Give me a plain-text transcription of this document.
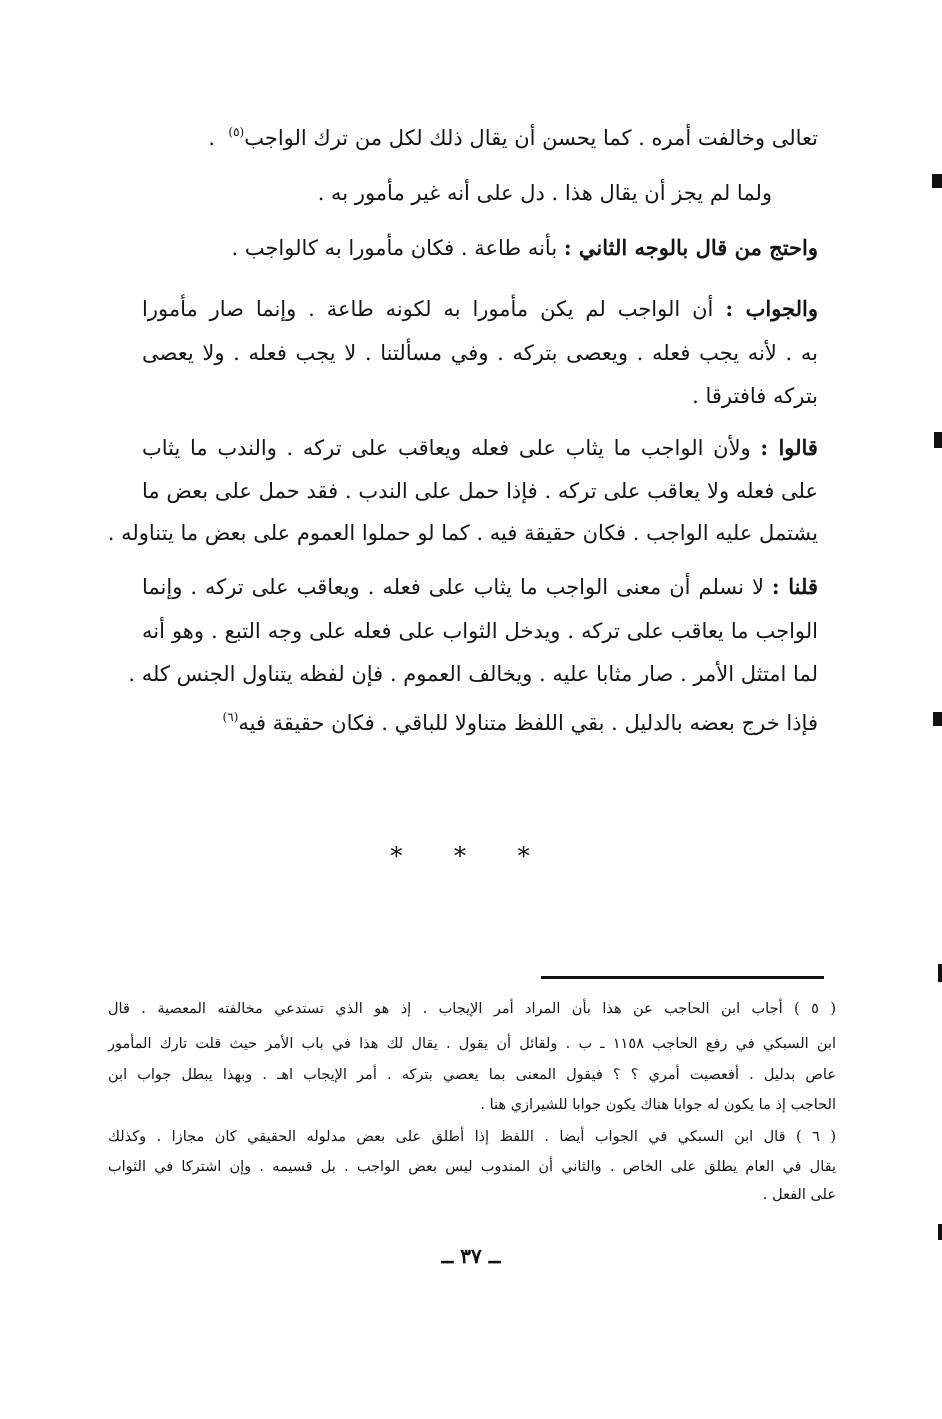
تعالى وخالفت أمره . كما يحسن أن يقال ذلك لكل من ترك الواجب$^{(٥)}$  .
ولما لم يجز أن يقال هذا . دل على أنه غير مأمور به .
واحتج من قال بالوجه الثاني : بأنه طاعة . فكان مأمورا به كالواجب .
والجواب : أن الواجب لم يكن مأمورا به لكونه طاعة . وإنما صار مأمورا
به . لأنه يجب فعله . ويعصى بتركه . وفي مسألتنا . لا يجب فعله . ولا يعصى
بتركه فافترقا .
قالوا : ولأن الواجب ما يثاب على فعله ويعاقب على تركه . والندب ما يثاب
على فعله ولا يعاقب على تركه . فإذا حمل على الندب . فقد حمل على بعض ما
يشتمل عليه الواجب . فكان حقيقة فيه . كما لو حملوا العموم على بعض ما يتناوله .
قلنا : لا نسلم أن معنى الواجب ما يثاب على فعله . ويعاقب على تركه . وإنما
الواجب ما يعاقب على تركه . ويدخل الثواب على فعله على وجه التبع . وهو أنه
لما امتثل الأمر . صار مثابا عليه . ويخالف العموم . فإن لفظه يتناول الجنس كله .
فإذا خرج بعضه بالدليل . بقي اللفظ متناولا للباقي . فكان حقيقة فيه$^{(٦)}$
* * *
( ٥ ) أجاب ابن الحاجب عن هذا بأن المراد أمر الإيجاب . إذ هو الذي تستدعي مخالفته المعصية . قال
ابن السبكي في رفع الحاجب ١١٥٨ ـ ب . ولقائل أن يقول . يقال لك هذا في باب الأمر حيث قلت تارك المأمور
عاص بدليل . أفعصيت أمري ؟ ؟ فيقول المعنى بما يعصي بتركه . أمر الإيجاب اهـ . وبهذا يبطل جواب ابن
الحاجب إذ ما يكون له جوابا هناك يكون جوابا للشيرازي هنا .
( ٦ ) قال ابن السبكي في الجواب أيضا . اللفظ إذا أطلق على بعض مدلوله الحقيقي كان مجازا . وكذلك
يقال في العام يطلق على الخاص . والثاني أن المندوب ليس بعض الواجب . بل قسيمه . وإن اشتركا في الثواب
على الفعل .
ــ ٣٧ ــ
